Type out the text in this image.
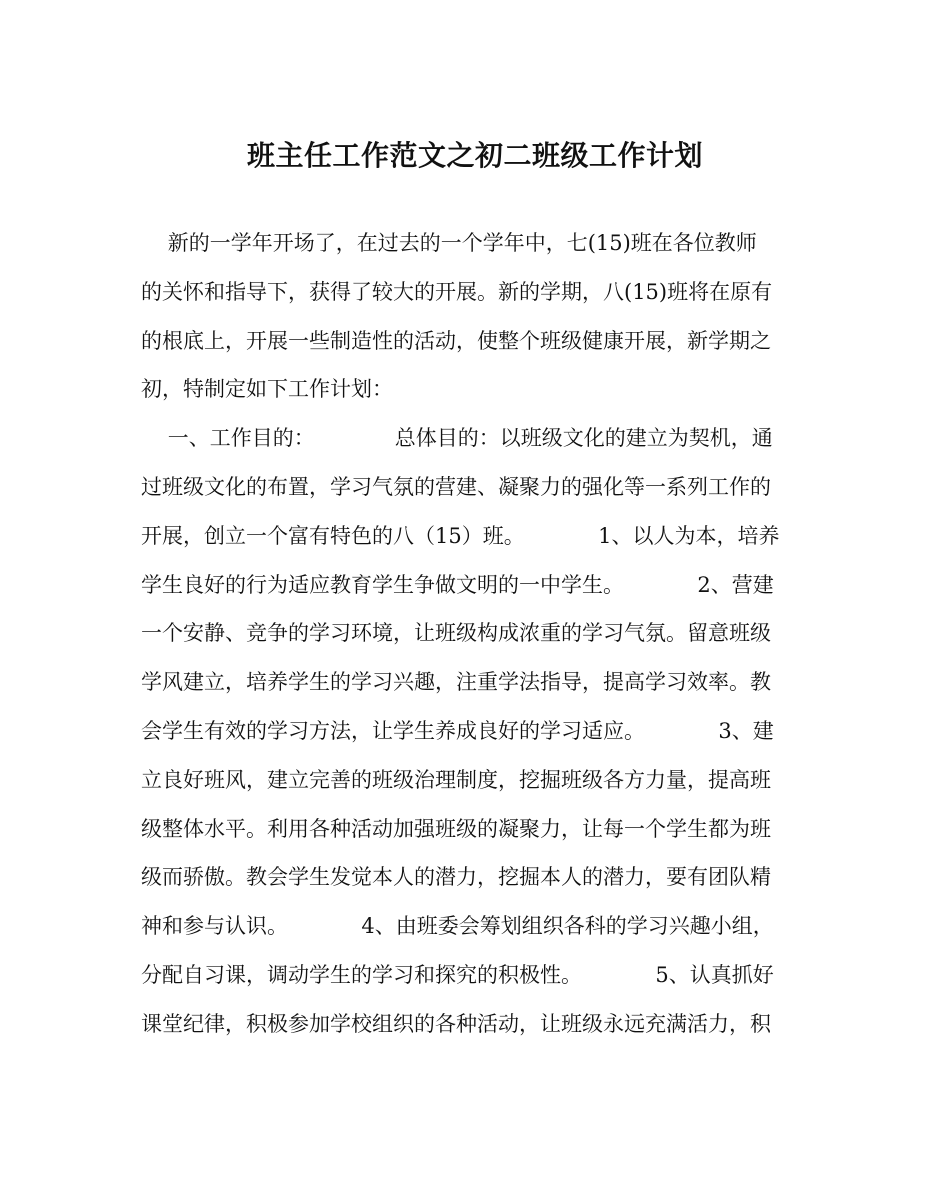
班主任工作范文之初二班级工作计划
新的一学年开场了，在过去的一个学年中，七(15)班在各位教师
的关怀和指导下，获得了较大的开展。新的学期，八(15)班将在原有
的根底上，开展一些制造性的活动，使整个班级健康开展，新学期之
初，特制定如下工作计划：
一、工作目的：            总体目的：以班级文化的建立为契机，通
过班级文化的布置，学习气氛的营建、凝聚力的强化等一系列工作的
开展，创立一个富有特色的八（15）班。           1、以人为本，培养
学生良好的行为适应教育学生争做文明的一中学生。           2、营建
一个安静、竞争的学习环境，让班级构成浓重的学习气氛。留意班级
学风建立，培养学生的学习兴趣，注重学法指导，提高学习效率。教
会学生有效的学习方法，让学生养成良好的学习适应。           3、建
立良好班风，建立完善的班级治理制度，挖掘班级各方力量，提高班
级整体水平。利用各种活动加强班级的凝聚力，让每一个学生都为班
级而骄傲。教会学生发觉本人的潜力，挖掘本人的潜力，要有团队精
神和参与认识。           4、由班委会筹划组织各科的学习兴趣小组，
分配自习课，调动学生的学习和探究的积极性。           5、认真抓好
课堂纪律，积极参加学校组织的各种活动，让班级永远充满活力，积
